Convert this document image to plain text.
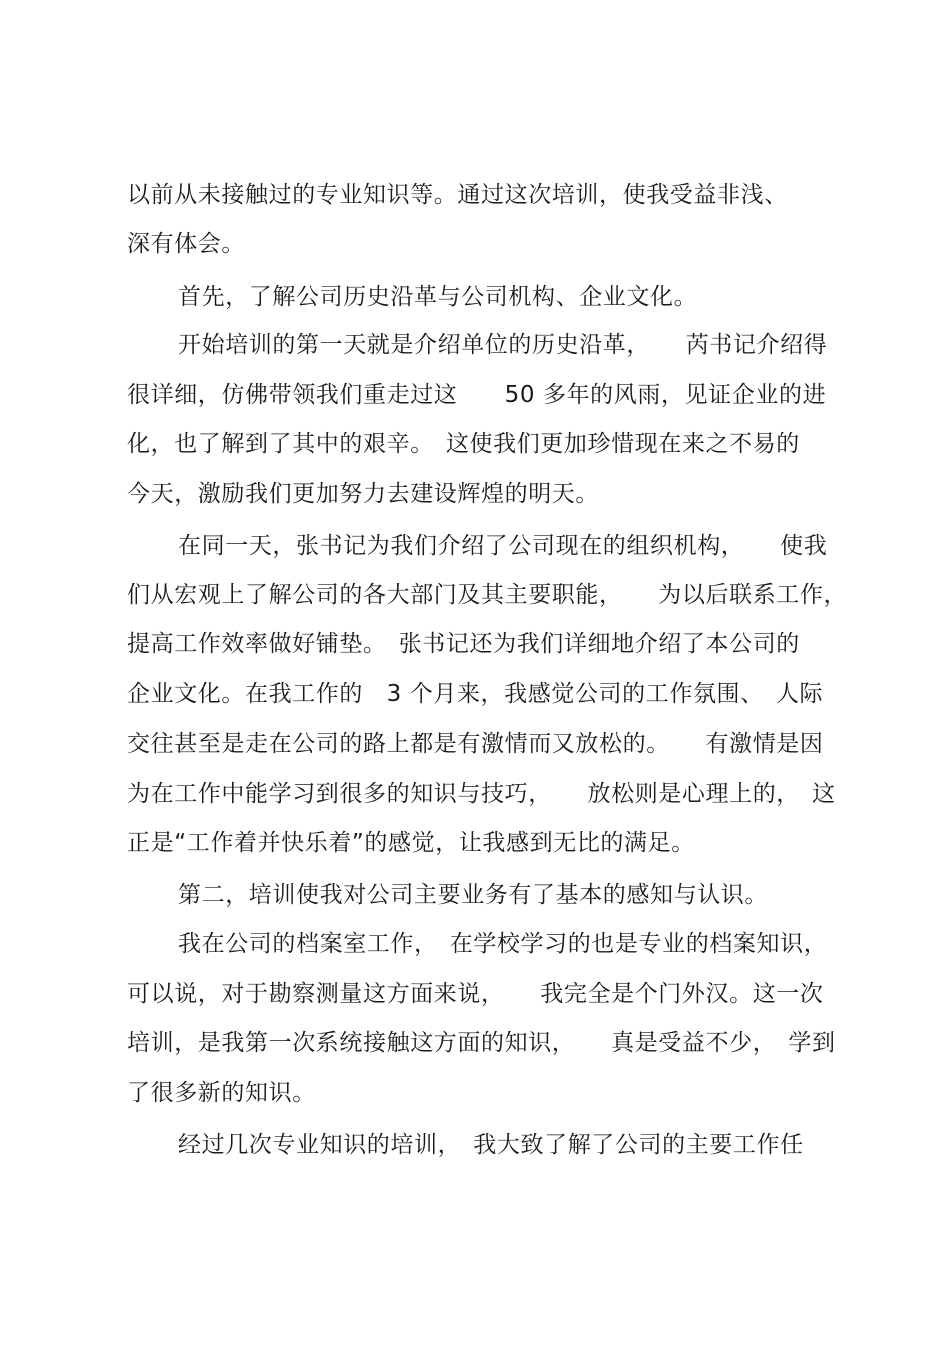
以前从未接触过的专业知识等。通过这次培训，使我受益非浅、

深有体会。

首先，了解公司历史沿革与公司机构、企业文化。

开始培训的第一天就是介绍单位的历史沿革，　　芮书记介绍得

很详细，仿佛带领我们重走过这　　50 多年的风雨，见证企业的进

化，也了解到了其中的艰辛。　这使我们更加珍惜现在来之不易的

今天，激励我们更加努力去建设辉煌的明天。

在同一天，张书记为我们介绍了公司现在的组织机构，　　使我

们从宏观上了解公司的各大部门及其主要职能，　　为以后联系工作，

提高工作效率做好铺垫。　张书记还为我们详细地介绍了本公司的

企业文化。在我工作的　3 个月来，我感觉公司的工作氛围、　人际

交往甚至是走在公司的路上都是有激情而又放松的。　　有激情是因

为在工作中能学习到很多的知识与技巧，　　放松则是心理上的，　这

正是“工作着并快乐着”的感觉，让我感到无比的满足。

第二，培训使我对公司主要业务有了基本的感知与认识。

我在公司的档案室工作，　在学校学习的也是专业的档案知识，

可以说，对于勘察测量这方面来说，　　我完全是个门外汉。这一次

培训，是我第一次系统接触这方面的知识，　　真是受益不少，　学到

了很多新的知识。

经过几次专业知识的培训，　我大致了解了公司的主要工作任
